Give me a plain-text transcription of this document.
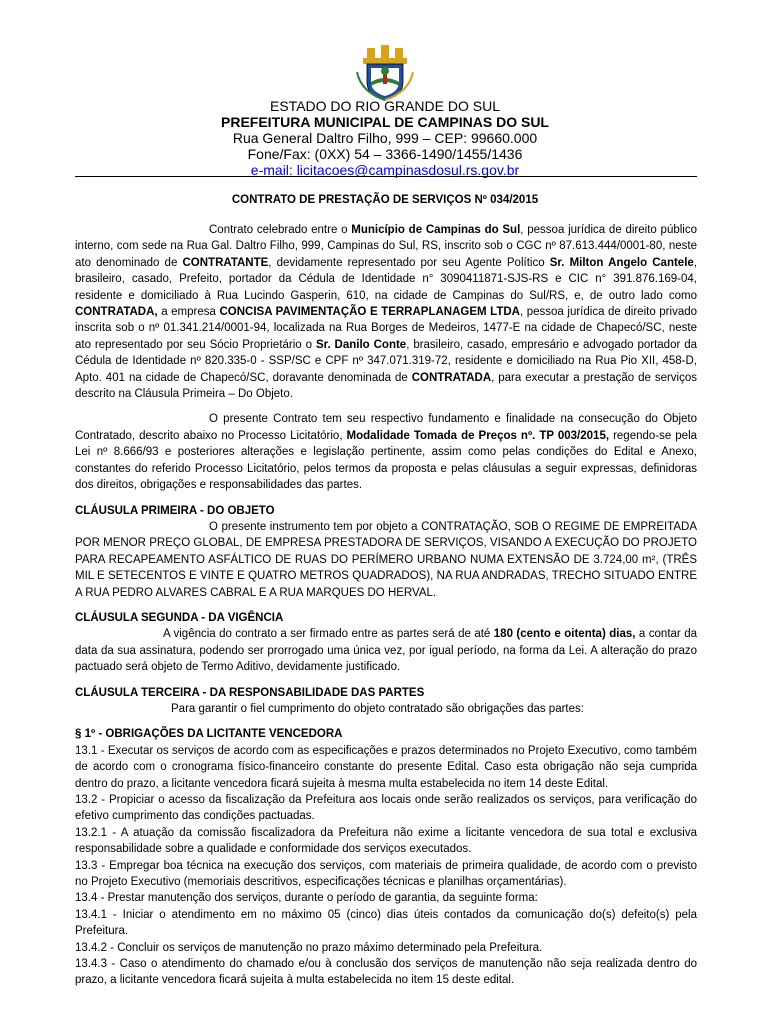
ESTADO DO RIO GRANDE DO SUL
PREFEITURA MUNICIPAL DE CAMPINAS DO SUL
Rua General Daltro Filho, 999 – CEP: 99660.000
Fone/Fax: (0XX) 54 – 3366-1490/1455/1436
e-mail: licitacoes@campinasdosul.rs.gov.br
CONTRATO DE PRESTAÇÃO DE SERVIÇOS Nº 034/2015

Contrato celebrado entre o Município de Campinas do Sul, pessoa jurídica de direito público interno, com sede na Rua Gal. Daltro Filho, 999, Campinas do Sul, RS, inscrito sob o CGC nº 87.613.444/0001-80, neste ato denominado de CONTRATANTE, devidamente representado por seu Agente Político Sr. Milton Angelo Cantele, brasileiro, casado, Prefeito, portador da Cédula de Identidade n° 3090411871-SJS-RS e CIC n° 391.876.169-04, residente e domiciliado à Rua Lucindo Gasperin, 610, na cidade de Campinas do Sul/RS, e, de outro lado como CONTRATADA, a empresa CONCISA PAVIMENTAÇÃO E TERRAPLANAGEM LTDA, pessoa jurídica de direito privado inscrita sob o nº 01.341.214/0001-94, localizada na Rua Borges de Medeiros, 1477-E na cidade de Chapecó/SC, neste ato representado por seu Sócio Proprietário o Sr. Danilo Conte, brasileiro, casado, empresário e advogado portador da Cédula de Identidade nº 820.335-0 - SSP/SC e CPF nº 347.071.319-72, residente e domiciliado na Rua Pio XII, 458-D, Apto. 401 na cidade de Chapecó/SC, doravante denominada de CONTRATADA, para executar a prestação de serviços descrito na Cláusula Primeira – Do Objeto.

O presente Contrato tem seu respectivo fundamento e finalidade na consecução do Objeto Contratado, descrito abaixo no Processo Licitatório, Modalidade Tomada de Preços nº. TP 003/2015, regendo-se pela Lei nº 8.666/93 e posteriores alterações e legislação pertinente, assim como pelas condições do Edital e Anexo, constantes do referido Processo Licitatório, pelos termos da proposta e pelas cláusulas a seguir expressas, definidoras dos direitos, obrigações e responsabilidades das partes.

CLÁUSULA PRIMEIRA - DO OBJETO

O presente instrumento tem por objeto a CONTRATAÇÃO, SOB O REGIME DE EMPREITADA POR MENOR PREÇO GLOBAL, DE EMPRESA PRESTADORA DE SERVIÇOS, VISANDO A EXECUÇÃO DO PROJETO PARA RECAPEAMENTO ASFÁLTICO DE RUAS DO PERÍMERO URBANO NUMA EXTENSÃO DE 3.724,00 m², (TRÊS MIL E SETECENTOS E VINTE E QUATRO METROS QUADRADOS), NA RUA ANDRADAS, TRECHO SITUADO ENTRE A RUA PEDRO ALVARES CABRAL E A RUA MARQUES DO HERVAL.

CLÁUSULA SEGUNDA - DA VIGÊNCIA

A vigência do contrato a ser firmado entre as partes será de até 180 (cento e oitenta) dias, a contar da data da sua assinatura, podendo ser prorrogado uma única vez, por igual período, na forma da Lei. A alteração do prazo pactuado será objeto de Termo Aditivo, devidamente justificado.

CLÁUSULA TERCEIRA - DA RESPONSABILIDADE DAS PARTES

Para garantir o fiel cumprimento do objeto contratado são obrigações das partes:

§ 1º - OBRIGAÇÕES DA LICITANTE VENCEDORA

13.1 - Executar os serviços de acordo com as especificações e prazos determinados no Projeto Executivo, como também de acordo com o cronograma físico-financeiro constante do presente Edital. Caso esta obrigação não seja cumprida dentro do prazo, a licitante vencedora ficará sujeita à mesma multa estabelecida no item 14 deste Edital.

13.2 - Propiciar o acesso da fiscalização da Prefeitura aos locais onde serão realizados os serviços, para verificação do efetivo cumprimento das condições pactuadas.

13.2.1 - A atuação da comissão fiscalizadora da Prefeitura não exime a licitante vencedora de sua total e exclusiva responsabilidade sobre a qualidade e conformidade dos serviços executados.

13.3 - Empregar boa técnica na execução dos serviços, com materiais de primeira qualidade, de acordo com o previsto no Projeto Executivo (memoriais descritivos, especificações técnicas e planilhas orçamentárias).

13.4 - Prestar manutenção dos serviços, durante o período de garantia, da seguinte forma:

13.4.1 - Iniciar o atendimento em no máximo 05 (cinco) dias úteis contados da comunicação do(s) defeito(s) pela Prefeitura.

13.4.2 - Concluir os serviços de manutenção no prazo máximo determinado pela Prefeitura.

13.4.3 - Caso o atendimento do chamado e/ou à conclusão dos serviços de manutenção não seja realizada dentro do prazo, a licitante vencedora ficará sujeita à multa estabelecida no item 15 deste edital.
